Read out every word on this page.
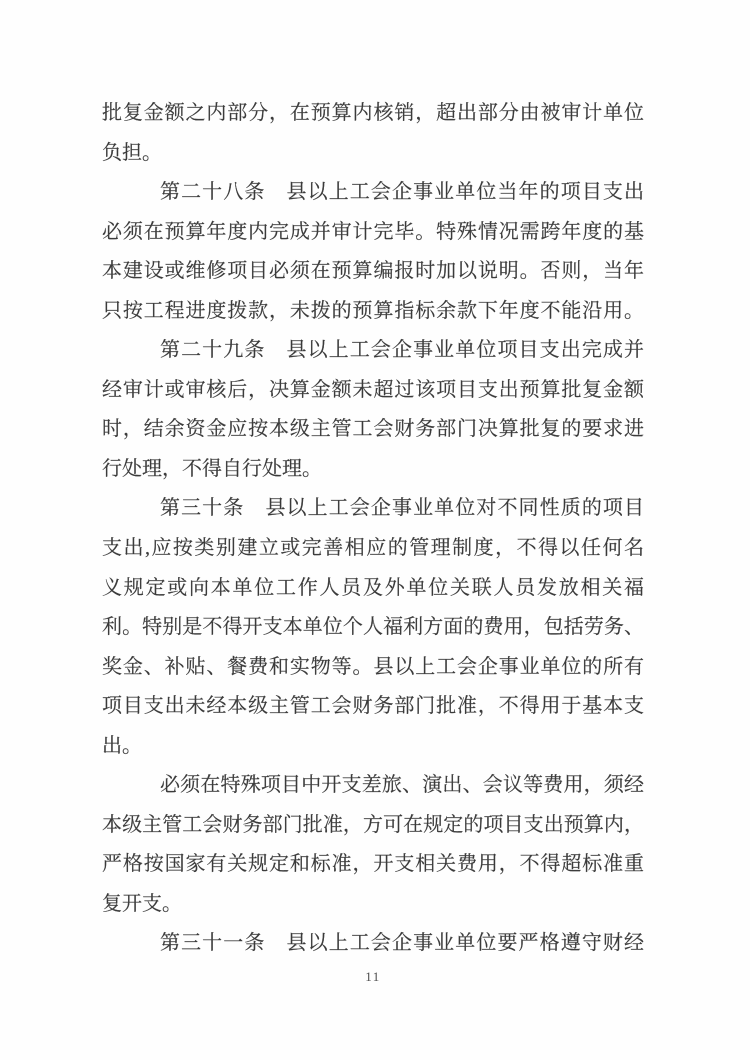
批复金额之内部分，在预算内核销，超出部分由被审计单位
负担。
第二十八条　县以上工会企事业单位当年的项目支出
必须在预算年度内完成并审计完毕。特殊情况需跨年度的基
本建设或维修项目必须在预算编报时加以说明。否则，当年
只按工程进度拨款，未拨的预算指标余款下年度不能沿用。
第二十九条　县以上工会企事业单位项目支出完成并
经审计或审核后，决算金额未超过该项目支出预算批复金额
时，结余资金应按本级主管工会财务部门决算批复的要求进
行处理，不得自行处理。
第三十条　县以上工会企事业单位对不同性质的项目
支出,应按类别建立或完善相应的管理制度，不得以任何名
义规定或向本单位工作人员及外单位关联人员发放相关福
利。特别是不得开支本单位个人福利方面的费用，包括劳务、
奖金、补贴、餐费和实物等。县以上工会企事业单位的所有
项目支出未经本级主管工会财务部门批准，不得用于基本支
出。
必须在特殊项目中开支差旅、演出、会议等费用，须经
本级主管工会财务部门批准，方可在规定的项目支出预算内，
严格按国家有关规定和标准，开支相关费用，不得超标准重
复开支。
第三十一条　县以上工会企事业单位要严格遵守财经
11
